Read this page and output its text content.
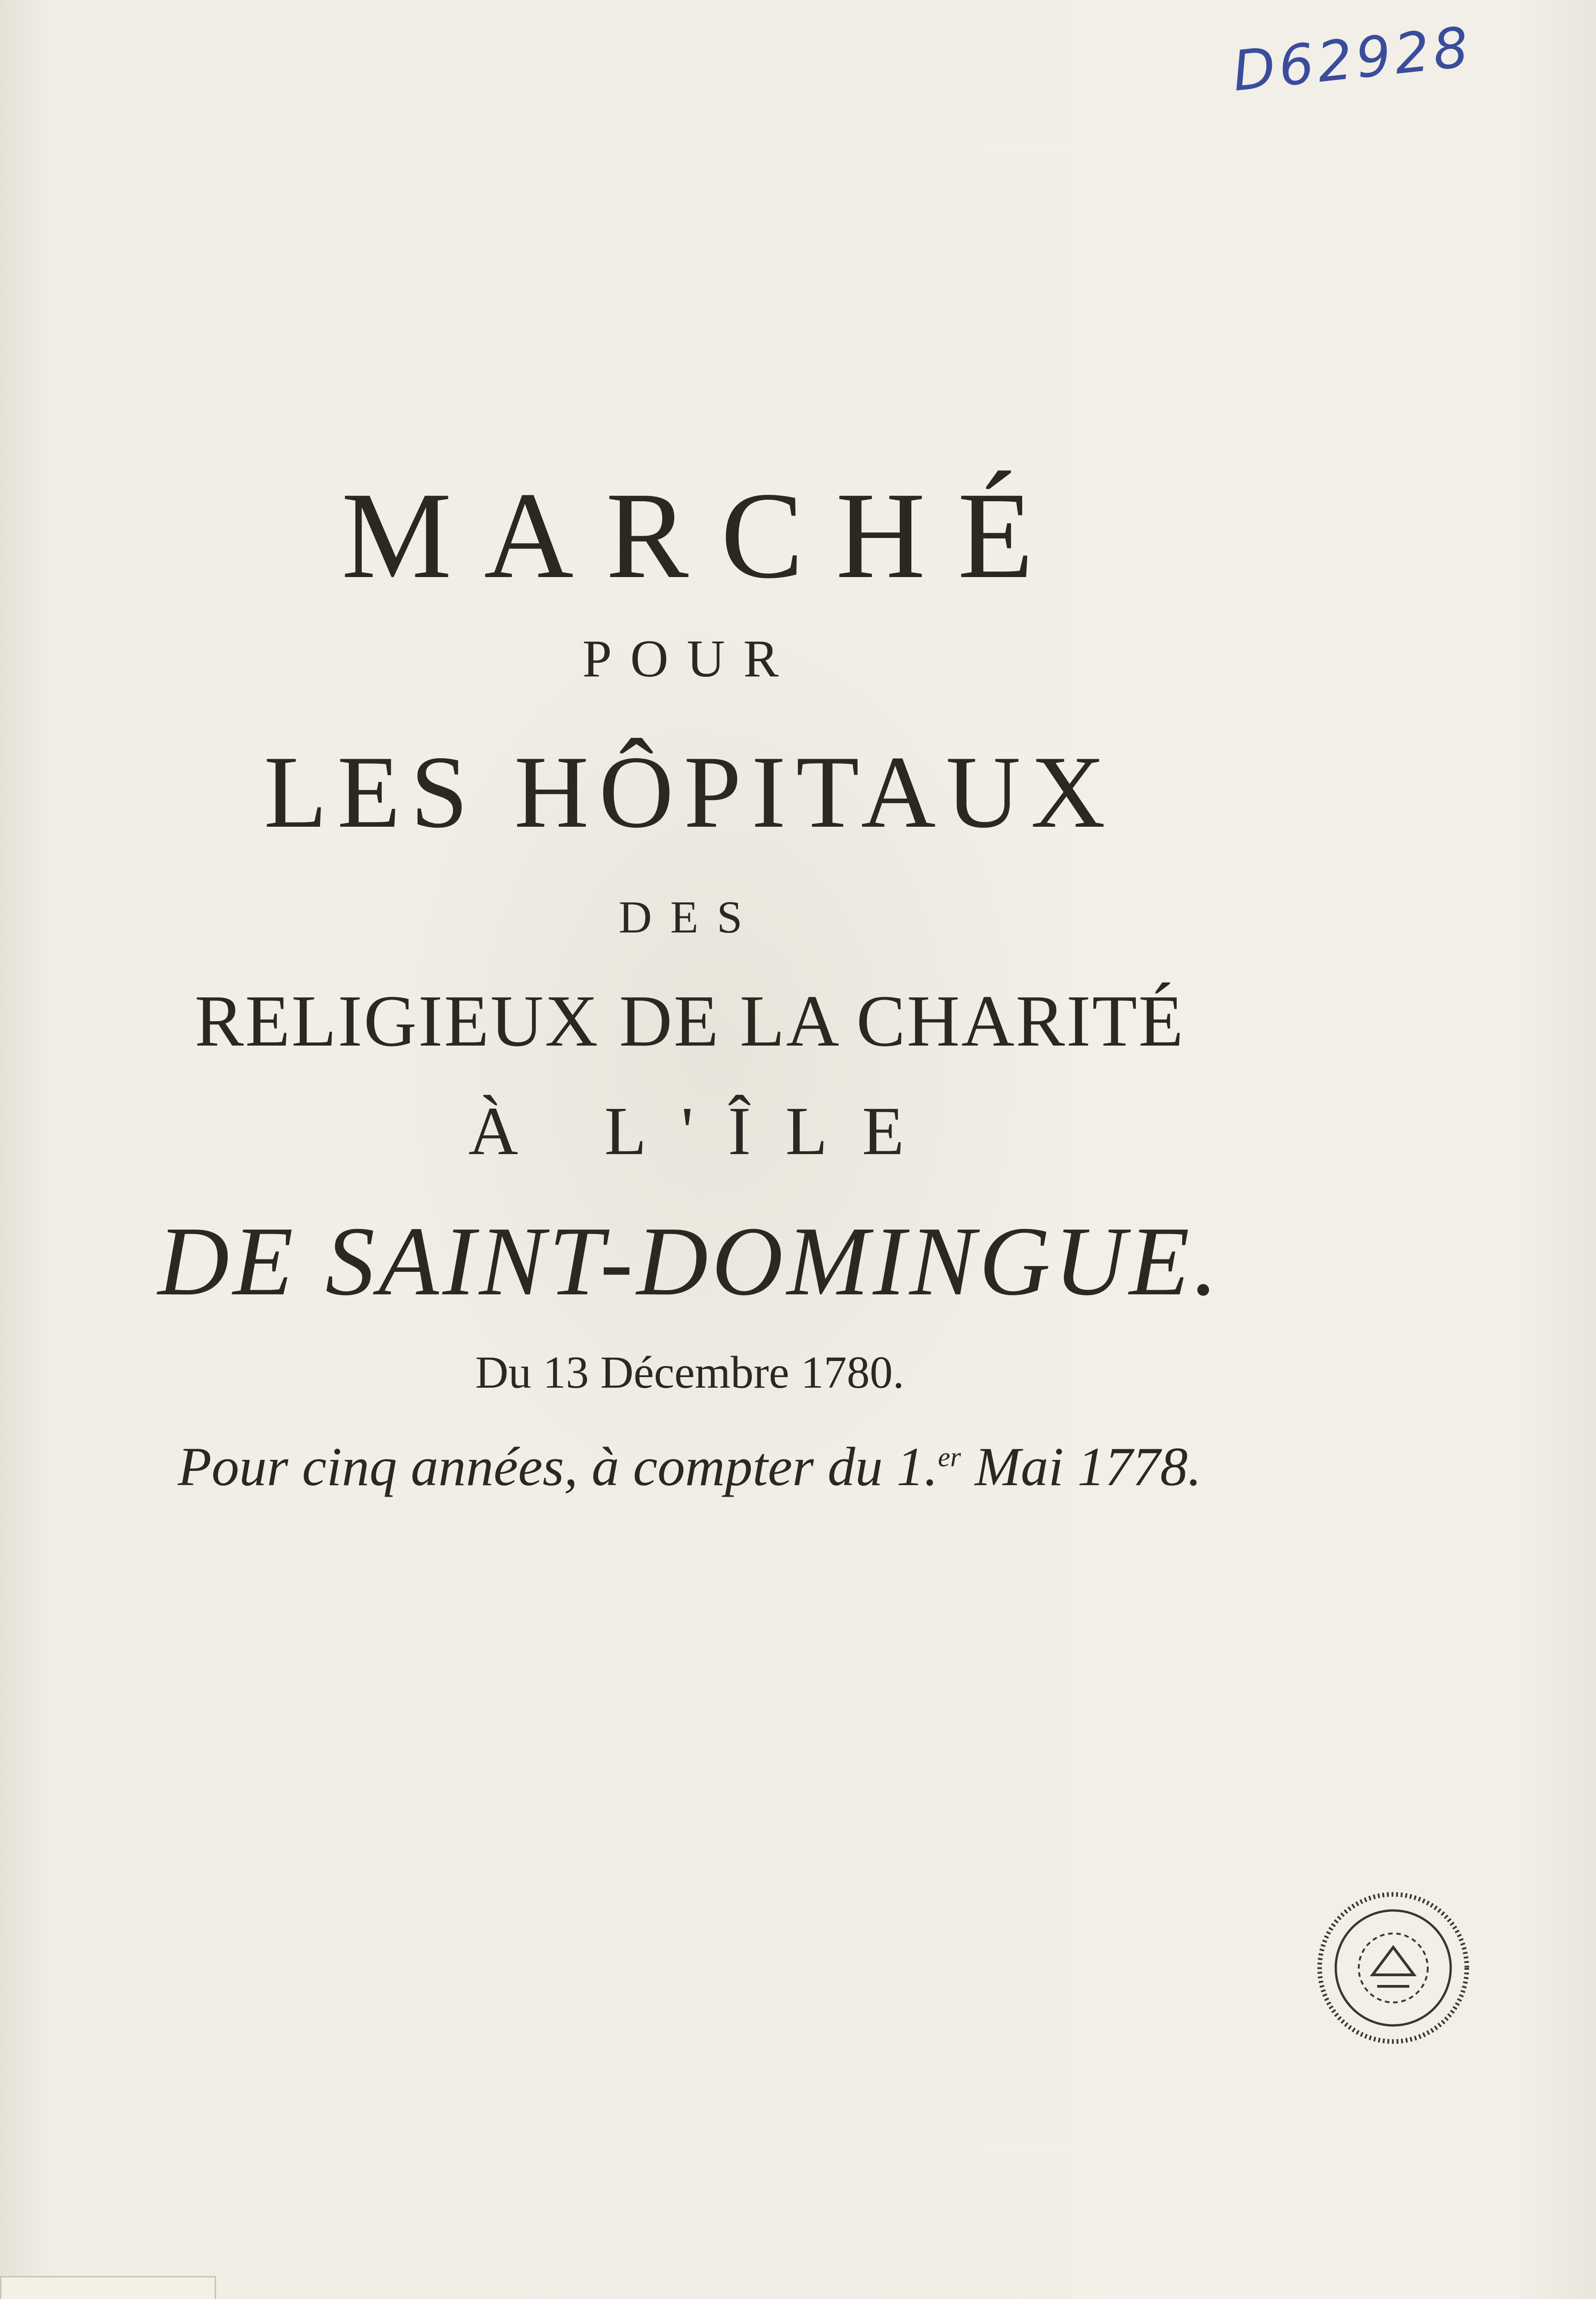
D62928
MARCHÉ
POUR
LES HÔPITAUX
DES
RELIGIEUX DE LA CHARITÉ
À L'ÎLE
DE SAINT-DOMINGUE.
Du 13 Décembre 1780.
Pour cinq années, à compter du 1.$^{er}$ Mai 1778.
